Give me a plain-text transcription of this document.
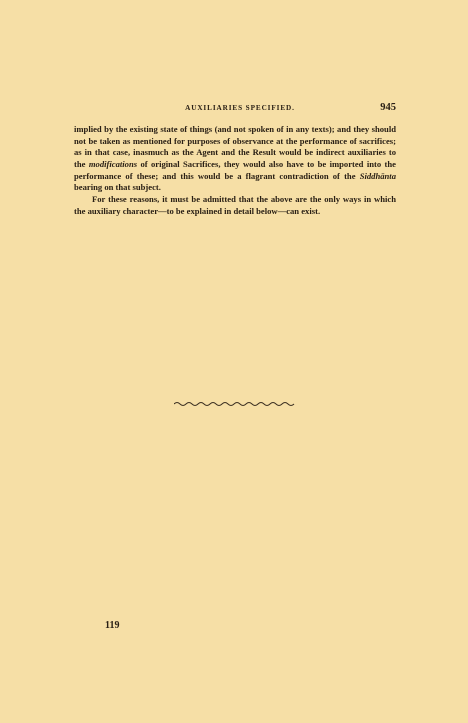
AUXILIARIES SPECIFIED.	945

implied by the existing state of things (and not spoken of in any texts); and they should not be taken as mentioned for purposes of observance at the performance of sacrifices; as in that case, inasmuch as the Agent and the Result would be indirect auxiliaries to the modifications of original Sacrifices, they would also have to be imported into the performance of these; and this would be a flagrant contradiction of the Siddhānta bearing on that subject.

For these reasons, it must be admitted that the above are the only ways in which the auxiliary character—to be explained in detail below—can exist.

119
